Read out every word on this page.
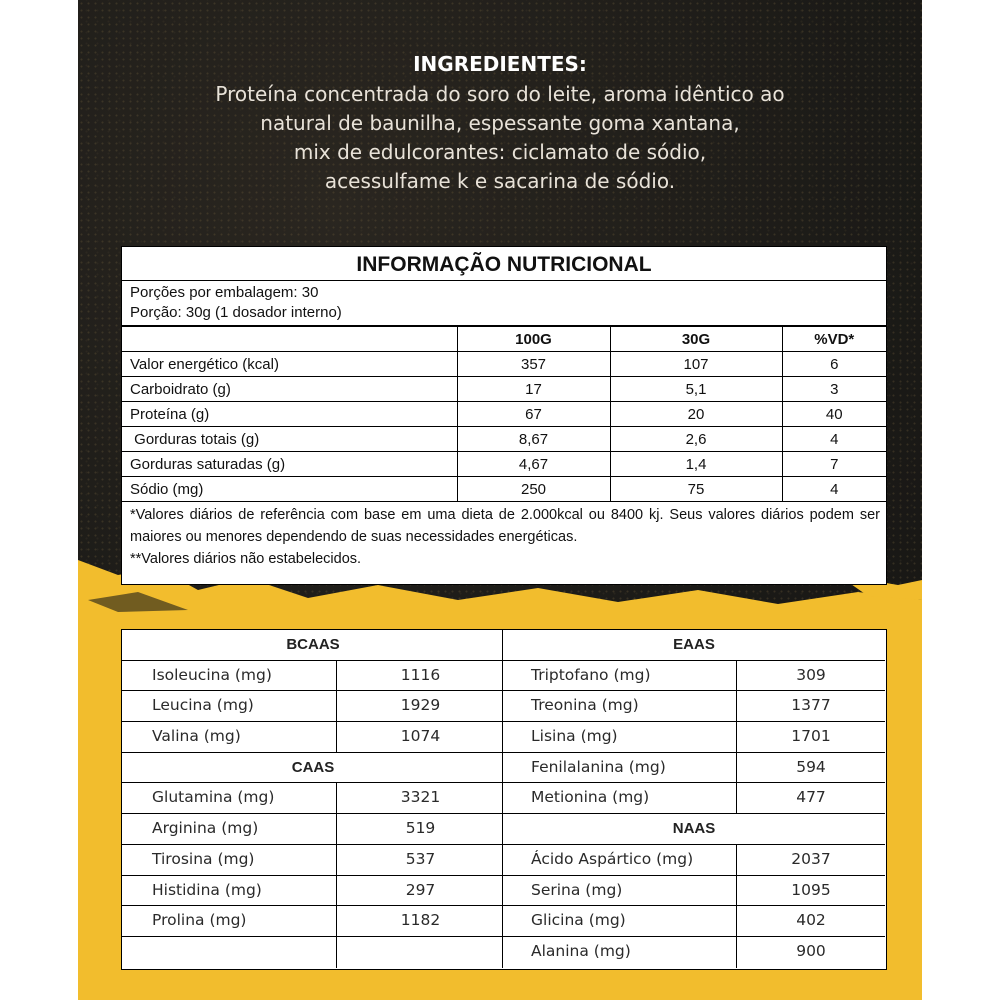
INGREDIENTES:
Proteína concentrada do soro do leite, aroma idêntico ao
natural de baunilha, espessante goma xantana,
mix de edulcorantes: ciclamato de sódio,
acessulfame k e sacarina de sódio.
INFORMAÇÃO NUTRICIONAL
Porções por embalagem: 30
Porção: 30g (1 dosador interno)
	100G	30G	%VD*
Valor energético (kcal)	357	107	6
Carboidrato (g)	17	5,1	3
Proteína (g)	67	20	40
Gorduras totais (g)	8,67	2,6	4
Gorduras saturadas (g)	4,67	1,4	7
Sódio (mg)	250	75	4
*Valores diários de referência com base em uma dieta de 2.000kcal ou 8400 kj. Seus valores diários podem ser maiores ou menores dependendo de suas necessidades energéticas.
**Valores diários não estabelecidos.
BCAAS
Isoleucina (mg)	1116
Leucina (mg)	1929
Valina (mg)	1074
CAAS
Glutamina (mg)	3321
Arginina (mg)	519
Tirosina (mg)	537
Histidina (mg)	297
Prolina (mg)	1182
EAAS
Triptofano (mg)	309
Treonina (mg)	1377
Lisina (mg)	1701
Fenilalanina (mg)	594
Metionina (mg)	477
NAAS
Ácido Aspártico (mg)	2037
Serina (mg)	1095
Glicina (mg)	402
Alanina (mg)	900
